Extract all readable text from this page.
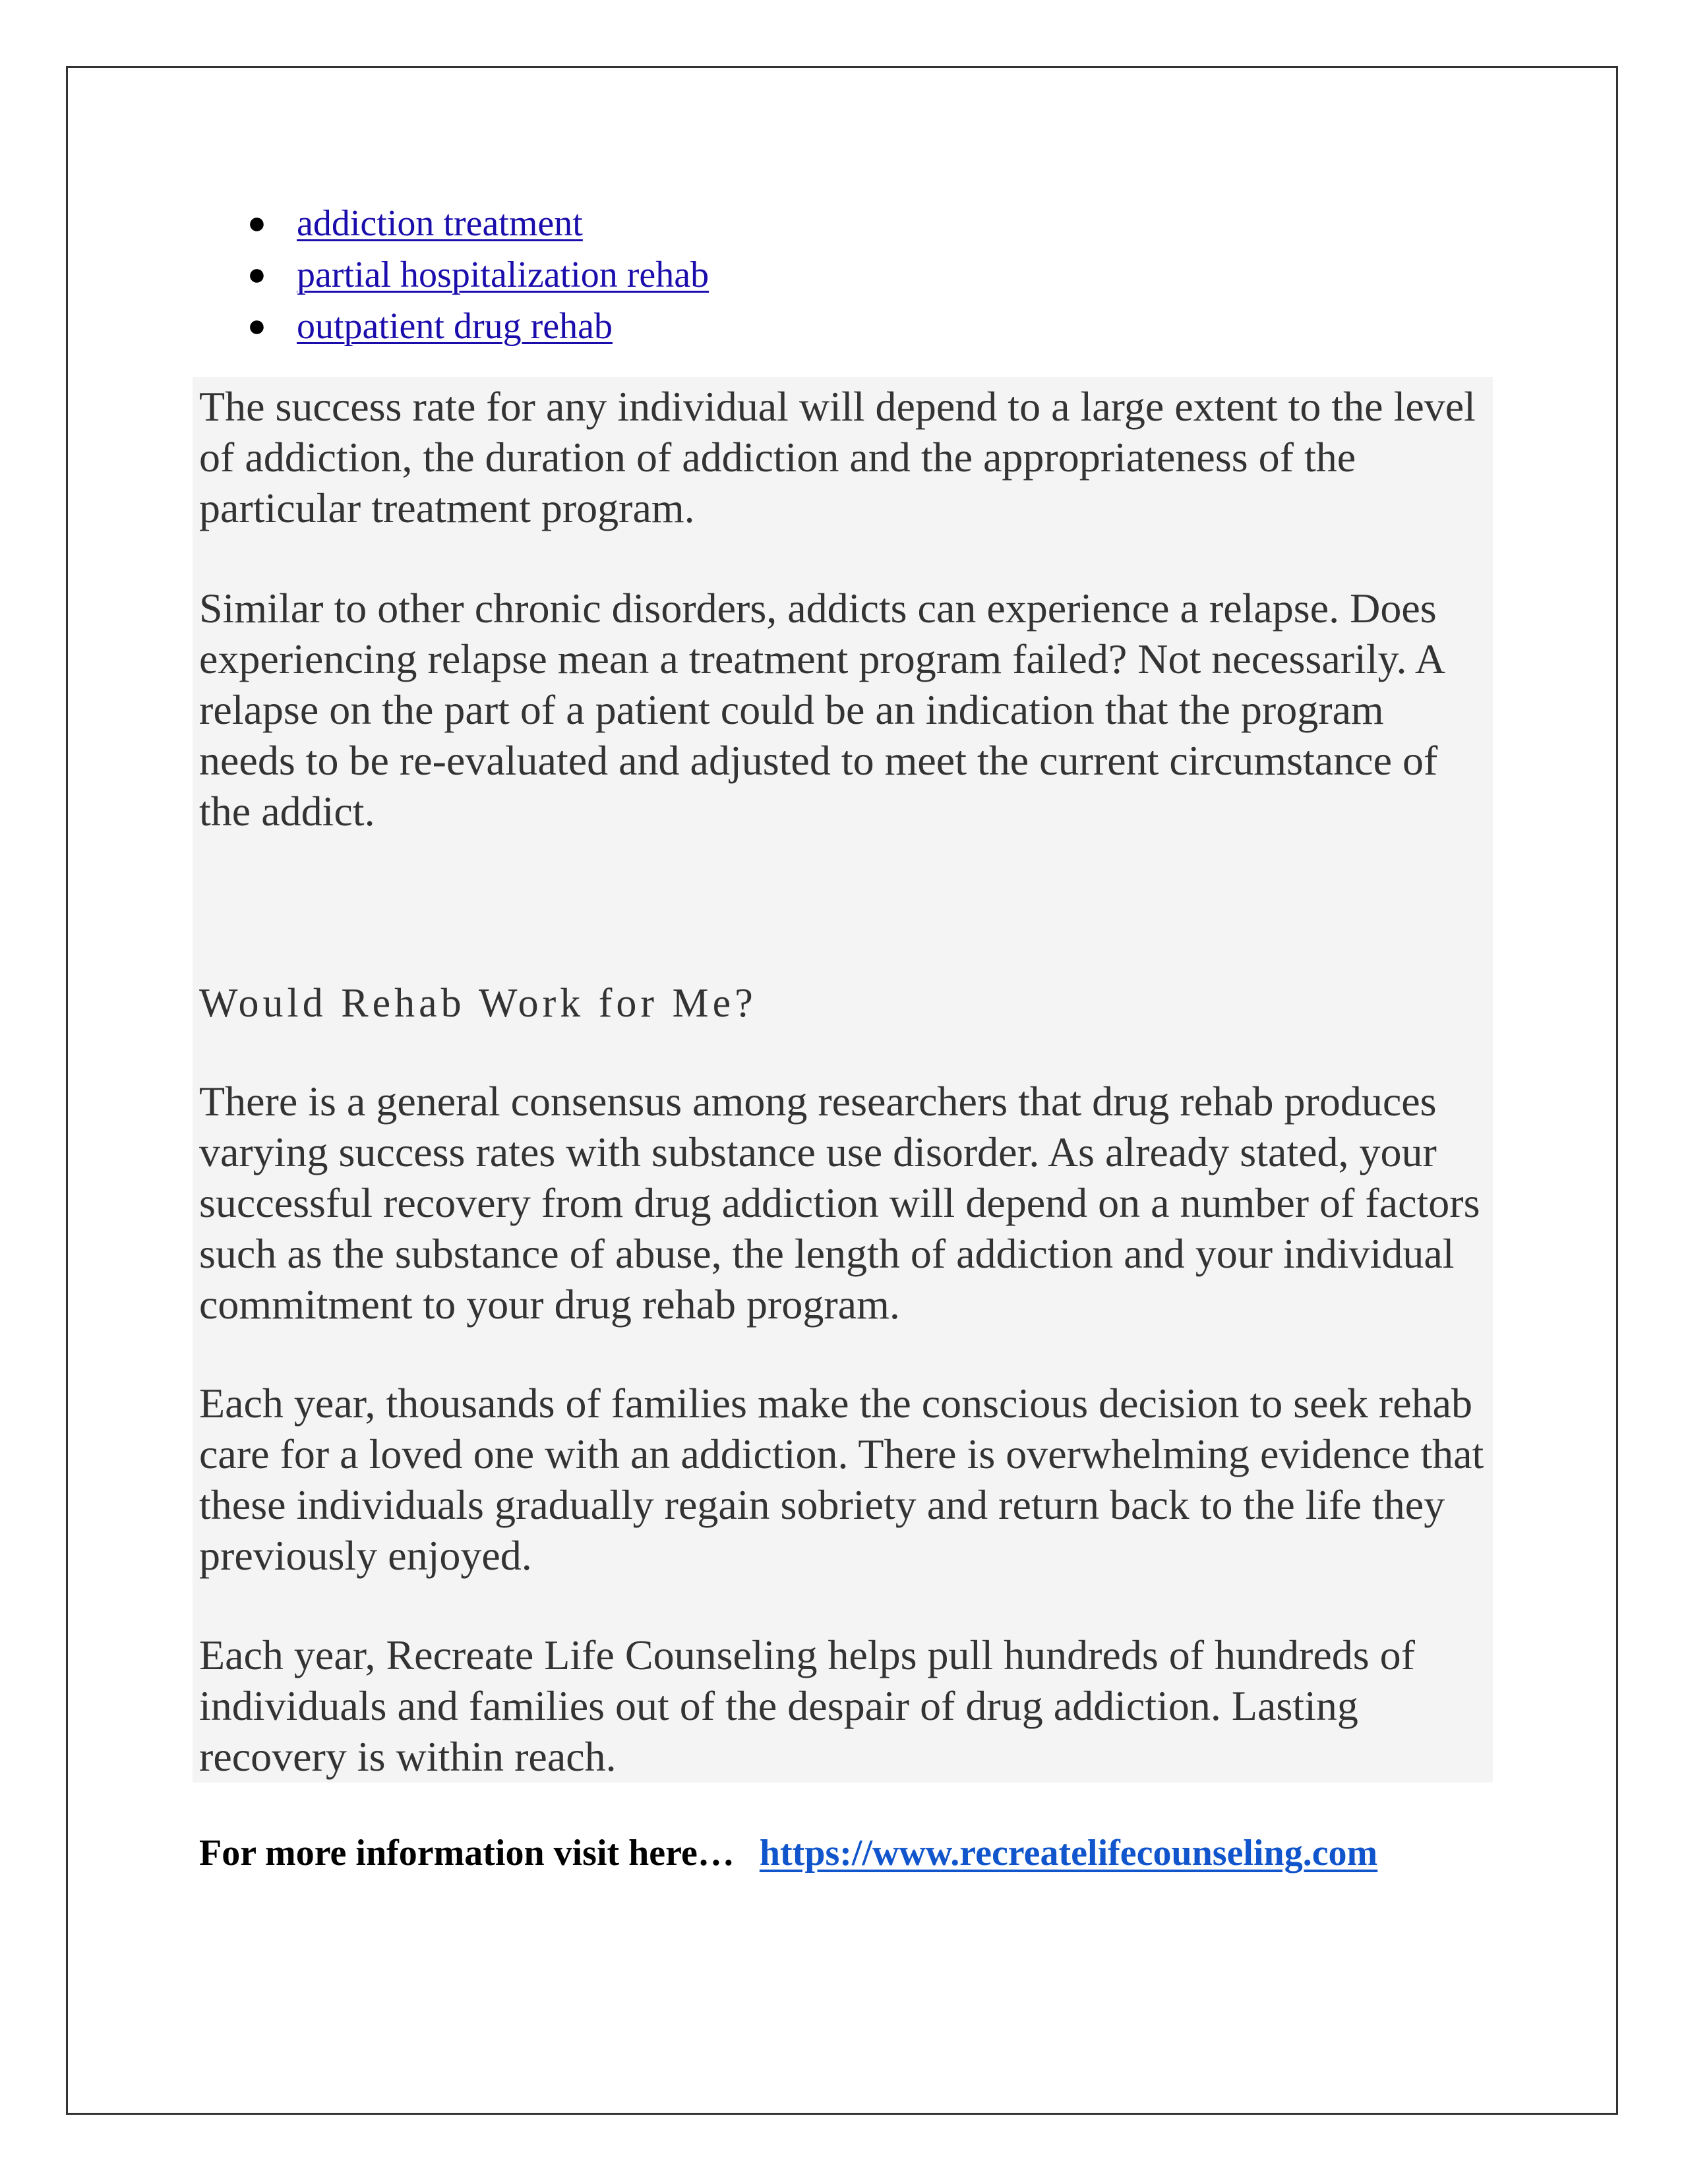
● addiction treatment
● partial hospitalization rehab
● outpatient drug rehab

The success rate for any individual will depend to a large extent to the level of addiction, the duration of addiction and the appropriateness of the particular treatment program.

Similar to other chronic disorders, addicts can experience a relapse. Does experiencing relapse mean a treatment program failed? Not necessarily. A relapse on the part of a patient could be an indication that the program needs to be re-evaluated and adjusted to meet the current circumstance of the addict.

Would Rehab Work for Me?

There is a general consensus among researchers that drug rehab produces varying success rates with substance use disorder. As already stated, your successful recovery from drug addiction will depend on a number of factors such as the substance of abuse, the length of addiction and your individual commitment to your drug rehab program.

Each year, thousands of families make the conscious decision to seek rehab care for a loved one with an addiction. There is overwhelming evidence that these individuals gradually regain sobriety and return back to the life they previously enjoyed.

Each year, Recreate Life Counseling helps pull hundreds of hundreds of individuals and families out of the despair of drug addiction. Lasting recovery is within reach.

For more information visit here… https://www.recreatelifecounseling.com
